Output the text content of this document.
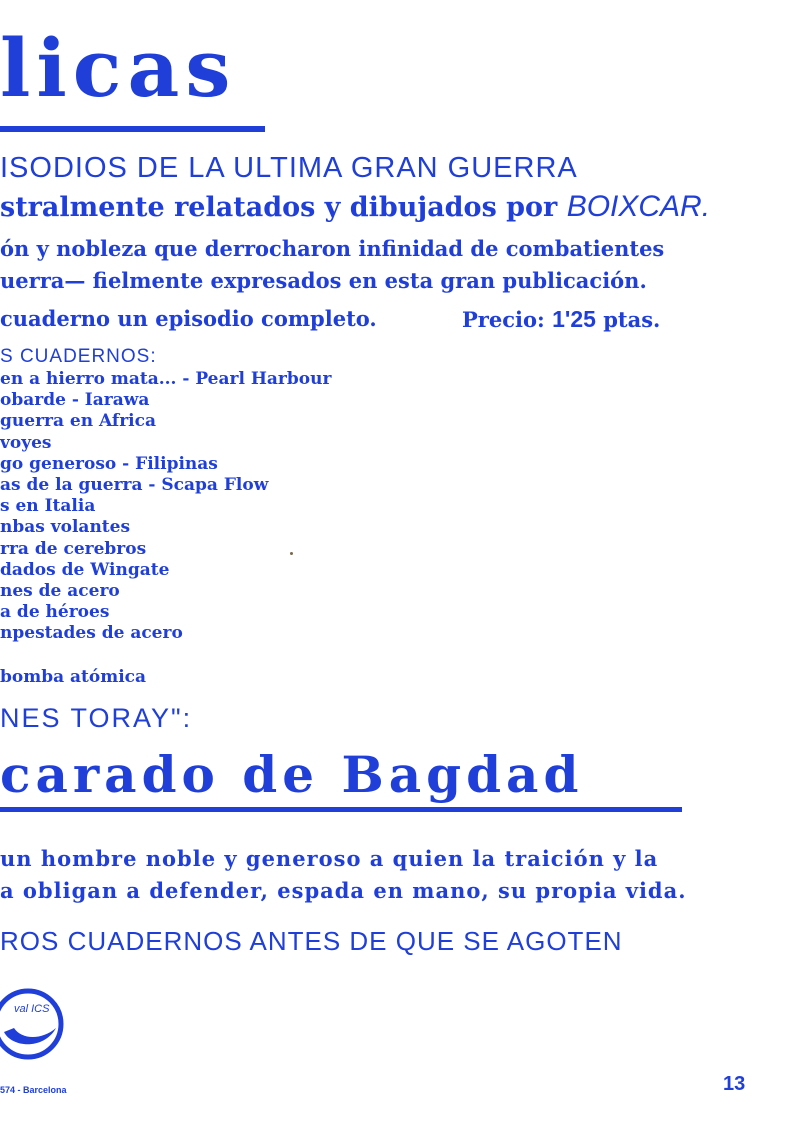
licas
ISODIOS DE LA ULTIMA GRAN GUERRA
stralmente relatados y dibujados por BOIXCAR.
ón y nobleza que derrocharon infinidad de combatientes
uerra— fielmente expresados en esta gran publicación.
cuaderno un episodio completo.	Precio: 1'25 ptas.
S CUADERNOS:
en a hierro mata... - Pearl Harbour
obarde - Iarawa
guerra en Africa
voyes
go generoso - Filipinas
as de la guerra - Scapa Flow
s en Italia
nbas volantes
rra de cerebros
dados de Wingate
nes de acero
a de héroes
npestades de acero
bomba atómica
NES TORAY":
carado de Bagdad
un hombre noble y generoso a quien la traición y la
a obligan a defender, espada en mano, su propia vida.
ROS CUADERNOS ANTES DE QUE SE AGOTEN
val ICS
574 - Barcelona	13
